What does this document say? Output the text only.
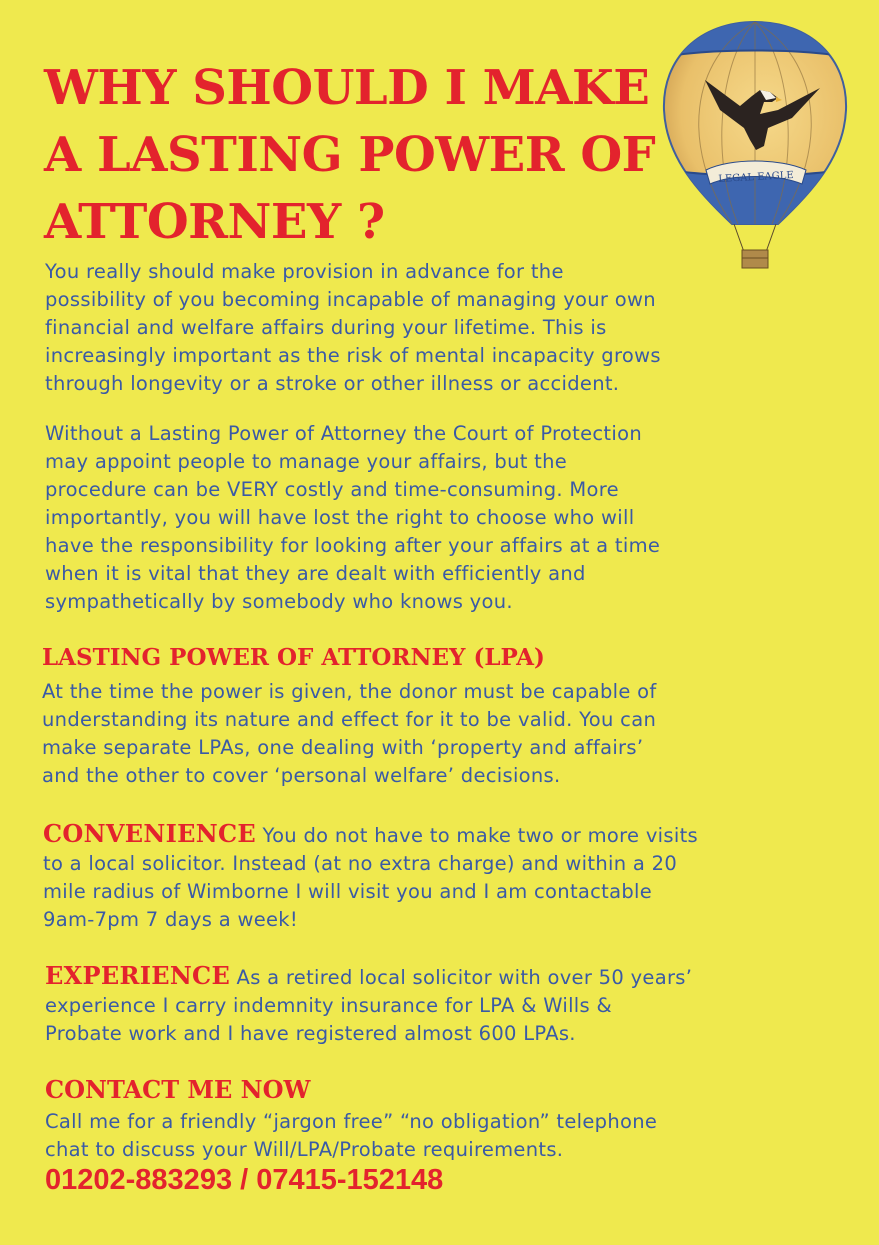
WHY SHOULD I MAKE
A LASTING POWER OF
ATTORNEY ?
LEGAL EAGLE

You really should make provision in advance for the
possibility of you becoming incapable of managing your own
financial and welfare affairs during your lifetime. This is
increasingly important as the risk of mental incapacity grows
through longevity or a stroke or other illness or accident.

Without a Lasting Power of Attorney the Court of Protection
may appoint people to manage your affairs, but the
procedure can be VERY costly and time-consuming. More
importantly, you will have lost the right to choose who will
have the responsibility for looking after your affairs at a time
when it is vital that they are dealt with efficiently and
sympathetically by somebody who knows you.

LASTING POWER OF ATTORNEY (LPA)

At the time the power is given, the donor must be capable of
understanding its nature and effect for it to be valid. You can
make separate LPAs, one dealing with ‘property and affairs’
and the other to cover ‘personal welfare’ decisions.

CONVENIENCE You do not have to make two or more visits
to a local solicitor. Instead (at no extra charge) and within a 20
mile radius of Wimborne I will visit you and I am contactable
9am-7pm 7 days a week!

EXPERIENCE As a retired local solicitor with over 50 years’
experience I carry indemnity insurance for LPA & Wills &
Probate work and I have registered almost 600 LPAs.

CONTACT ME NOW

Call me for a friendly “jargon free” “no obligation” telephone
chat to discuss your Will/LPA/Probate requirements.

01202-883293 / 07415-152148
